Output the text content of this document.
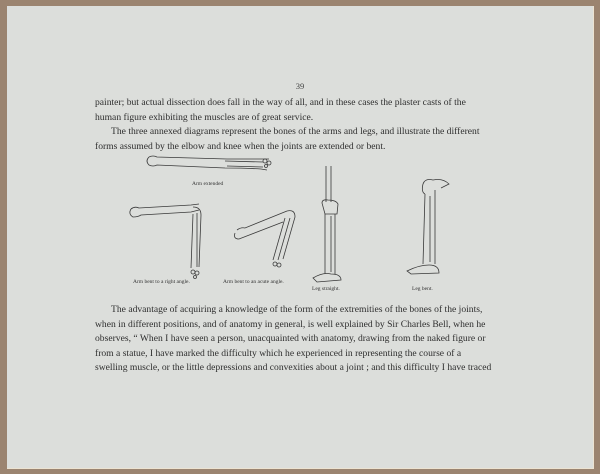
39
painter; but actual dissection does fall in the way of all, and in these cases the plaster casts of the
human figure exhibiting the muscles are of great service.
The three annexed diagrams represent the bones of the arms and legs, and illustrate the different
forms assumed by the elbow and knee when the joints are extended or bent.
Arm extended
Arm bent to a right angle.	Arm bent to an acute angle.
Leg straight.	Leg bent.
The advantage of acquiring a knowledge of the form of the extremities of the bones of the joints,
when in different positions, and of anatomy in general, is well explained by Sir Charles Bell, when he
observes, “ When I have seen a person, unacquainted with anatomy, drawing from the naked figure or
from a statue, I have marked the difficulty which he experienced in representing the course of a
swelling muscle, or the little depressions and convexities about a joint ; and this difficulty I have traced
